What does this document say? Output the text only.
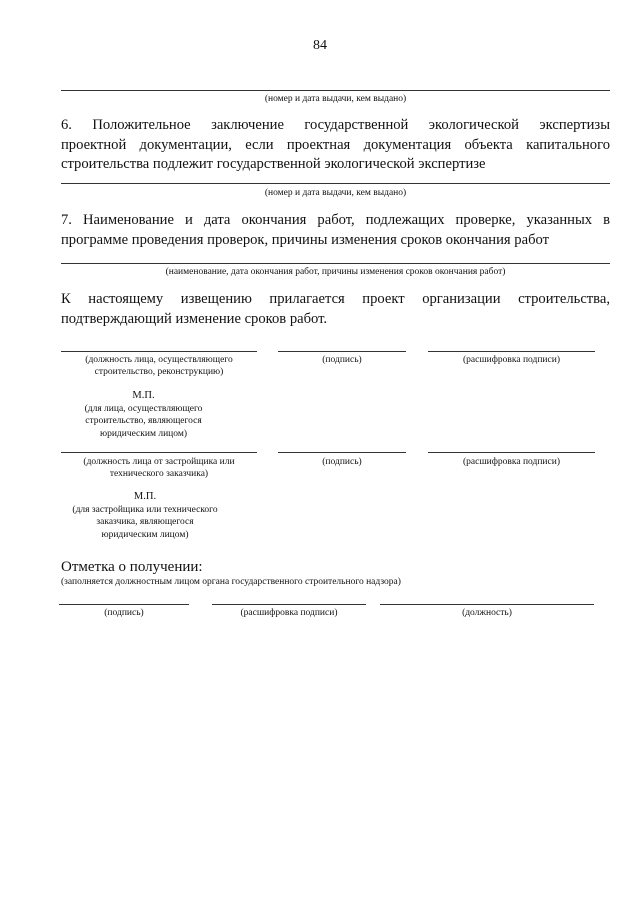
84
(номер и дата выдачи, кем выдано)
6. Положительное заключение государственной экологической экспертизы
проектной документации, если проектная документация объекта капитального
строительства подлежит государственной экологической экспертизе
(номер и дата выдачи, кем выдано)
7. Наименование и дата окончания работ, подлежащих проверке, указанных в
программе проведения проверок, причины изменения сроков окончания работ
(наименование, дата окончания работ, причины изменения сроков окончания работ)
К настоящему извещению прилагается проект организации строительства,
подтверждающий изменение сроков работ.
(должность лица, осуществляющего
строительство, реконструкцию)
(подпись)	(расшифровка подписи)
М.П.
(для лица, осуществляющего
строительство, являющегося
юридическим лицом)
(должность лица от застройщика или
технического заказчика)
(подпись)	(расшифровка подписи)
М.П.
(для застройщика или технического
заказчика, являющегося
юридическим лицом)
Отметка о получении:
(заполняется должностным лицом органа государственного строительного надзора)
(подпись)	(расшифровка подписи)	(должность)
